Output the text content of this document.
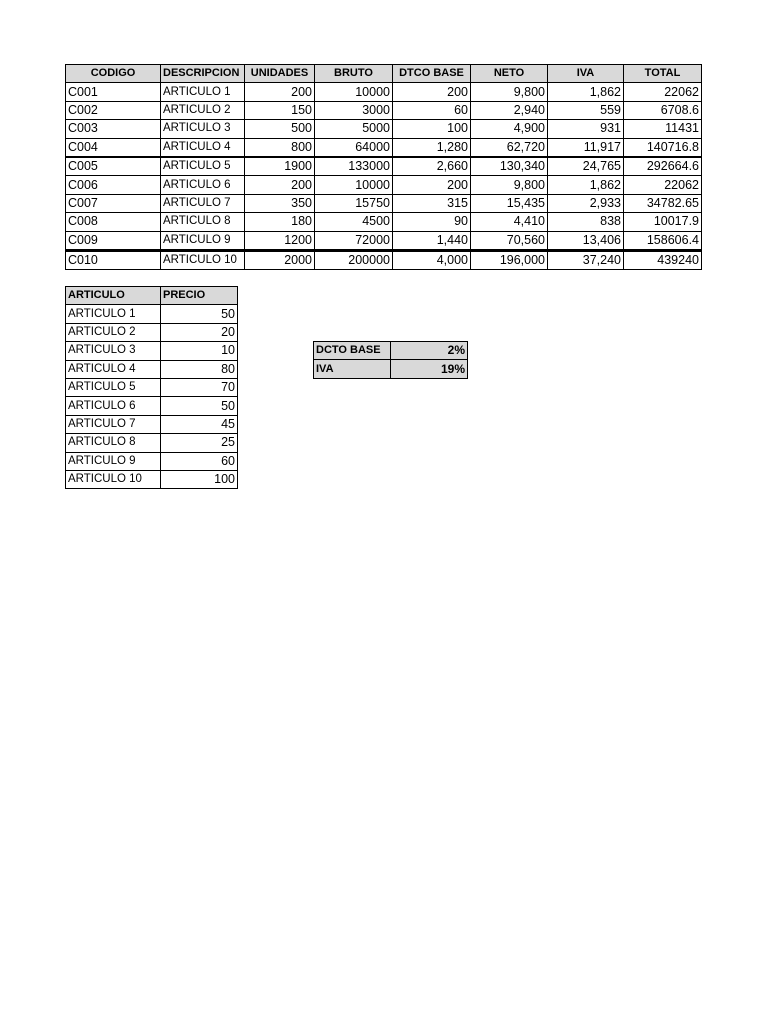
CODIGO	DESCRIPCION	UNIDADES	BRUTO	DTCO BASE	NETO	IVA	TOTAL
C001	ARTICULO 1	200	10000	200	9,800	1,862	22062
C002	ARTICULO 2	150	3000	60	2,940	559	6708.6
C003	ARTICULO 3	500	5000	100	4,900	931	11431
C004	ARTICULO 4	800	64000	1,280	62,720	11,917	140716.8
C005	ARTICULO 5	1900	133000	2,660	130,340	24,765	292664.6
C006	ARTICULO 6	200	10000	200	9,800	1,862	22062
C007	ARTICULO 7	350	15750	315	15,435	2,933	34782.65
C008	ARTICULO 8	180	4500	90	4,410	838	10017.9
C009	ARTICULO 9	1200	72000	1,440	70,560	13,406	158606.4
C010	ARTICULO 10	2000	200000	4,000	196,000	37,240	439240
ARTICULO	PRECIO
ARTICULO 1	50
ARTICULO 2	20
ARTICULO 3	10
ARTICULO 4	80
ARTICULO 5	70
ARTICULO 6	50
ARTICULO 7	45
ARTICULO 8	25
ARTICULO 9	60
ARTICULO 10	100
DCTO BASE	2%
IVA	19%
